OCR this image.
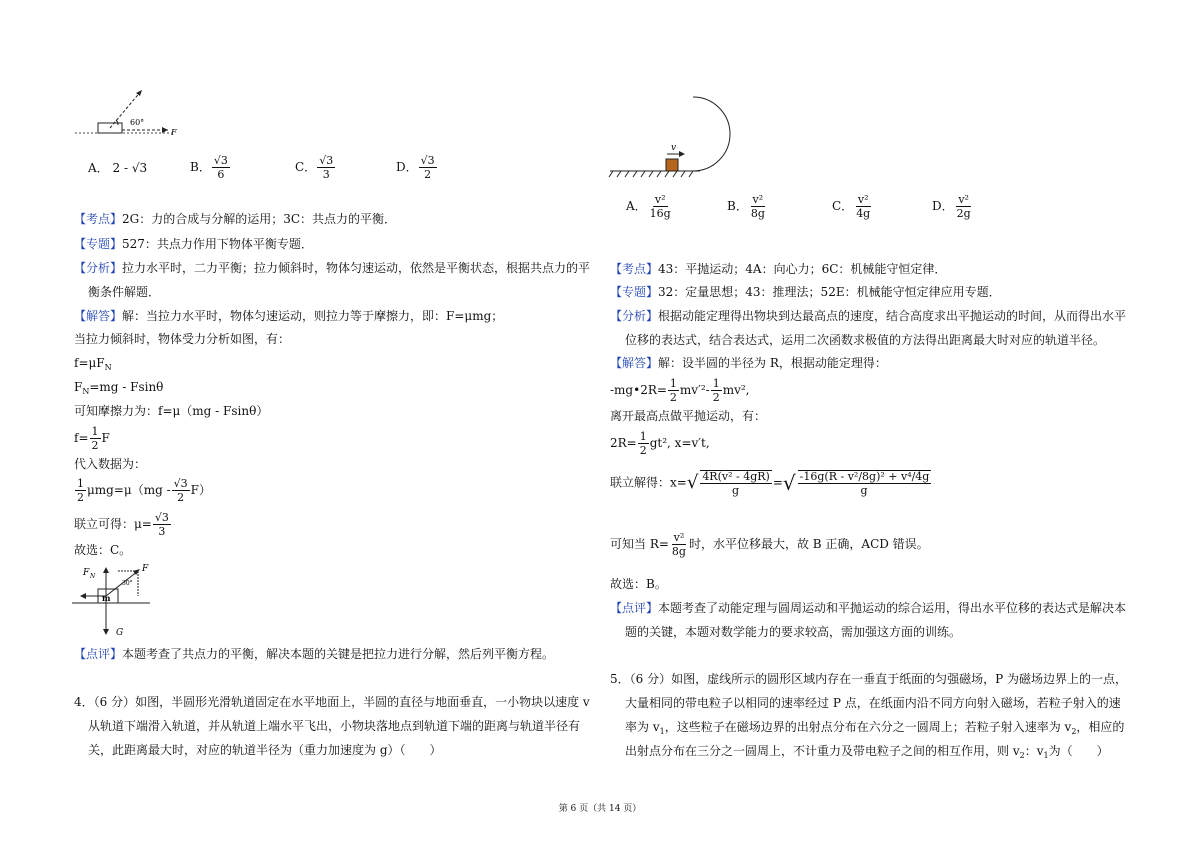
60°
F
A． 2 - √3	B． $\frac{√3}{6}$	C． $\frac{√3}{3}$	D． $\frac{√3}{2}$
【考点】2G：力的合成与分解的运用；3C：共点力的平衡．
【专题】527：共点力作用下物体平衡专题．
【分析】拉力水平时，二力平衡；拉力倾斜时，物体匀速运动，依然是平衡状态，根据共点力的平
衡条件解题．
【解答】解：当拉力水平时，物体匀速运动，则拉力等于摩擦力，即：F=μmg；
当拉力倾斜时，物体受力分析如图，有：
$f=\mu F_N$
$F_N=mg - Fsin\theta$
可知摩擦力为：f=μ（mg - Fsinθ）
$f= \frac{1}{2}$ F
代入数据为：
$\frac{1}{2} \mu mg=\mu(mg - \frac{√3}{2} F)$
联立可得：$\mu= \frac{√3}{3}$
故选：C。
F N
F
m
G
30°
【点评】本题考查了共点力的平衡，解决本题的关键是把拉力进行分解，然后列平衡方程。
4．（6 分）如图，半圆形光滑轨道固定在水平地面上，半圆的直径与地面垂直，一小物块以速度 v
从轨道下端滑入轨道，并从轨道上端水平飞出，小物块落地点到轨道下端的距离与轨道半径有
关，此距离最大时，对应的轨道半径为（重力加速度为 g）（　　）
v
A． $\frac{\text{v²}}{16g}$	B． $\frac{\text{v²}}{8g}$	C． $\frac{\text{v²}}{4g}$	D． $\frac{\text{v²}}{2g}$
【考点】43：平抛运动；4A：向心力；6C：机械能守恒定律．
【专题】32：定量思想；43：推理法；52E：机械能守恒定律应用专题．
【分析】根据动能定理得出物块到达最高点的速度，结合高度求出平抛运动的时间，从而得出水平
位移的表达式，结合表达式，运用二次函数求极值的方法得出距离最大时对应的轨道半径。
【解答】解：设半圆的半径为 R，根据动能定理得：
-mg•2R= $\frac{1}{2} mv'^2- \frac{1}{2} mv^2$,
离开最高点做平抛运动，有：
$2R= \frac{1}{2} gt^2$, x=v′t,
联立解得：$x=√ \frac{\text{4R(v² - 4gR)}}{g}$ =√ $\frac{\text{-16g(R - v²/8g)² + v⁴/4g}}{g}$
可知当 $R= \frac{\text{v²}}{8g}$ 时，水平位移最大，故 B 正确，ACD 错误。
故选：B。
【点评】本题考查了动能定理与圆周运动和平抛运动的综合运用，得出水平位移的表达式是解决本
题的关键，本题对数学能力的要求较高，需加强这方面的训练。
5．（6 分）如图，虚线所示的圆形区域内存在一垂直于纸面的匀强磁场，P 为磁场边界上的一点，
大量相同的带电粒子以相同的速率经过 P 点，在纸面内沿不同方向射入磁场，若粒子射入的速
率为 $v_1$，这些粒子在磁场边界的出射点分布在六分之一圆周上；若粒子射入速率为 $v_2$，相应的
出射点分布在三分之一圆周上，不计重力及带电粒子之间的相互作用，则 $v_2$：$v_1$为（　　）
第 6 页（共 14 页）
